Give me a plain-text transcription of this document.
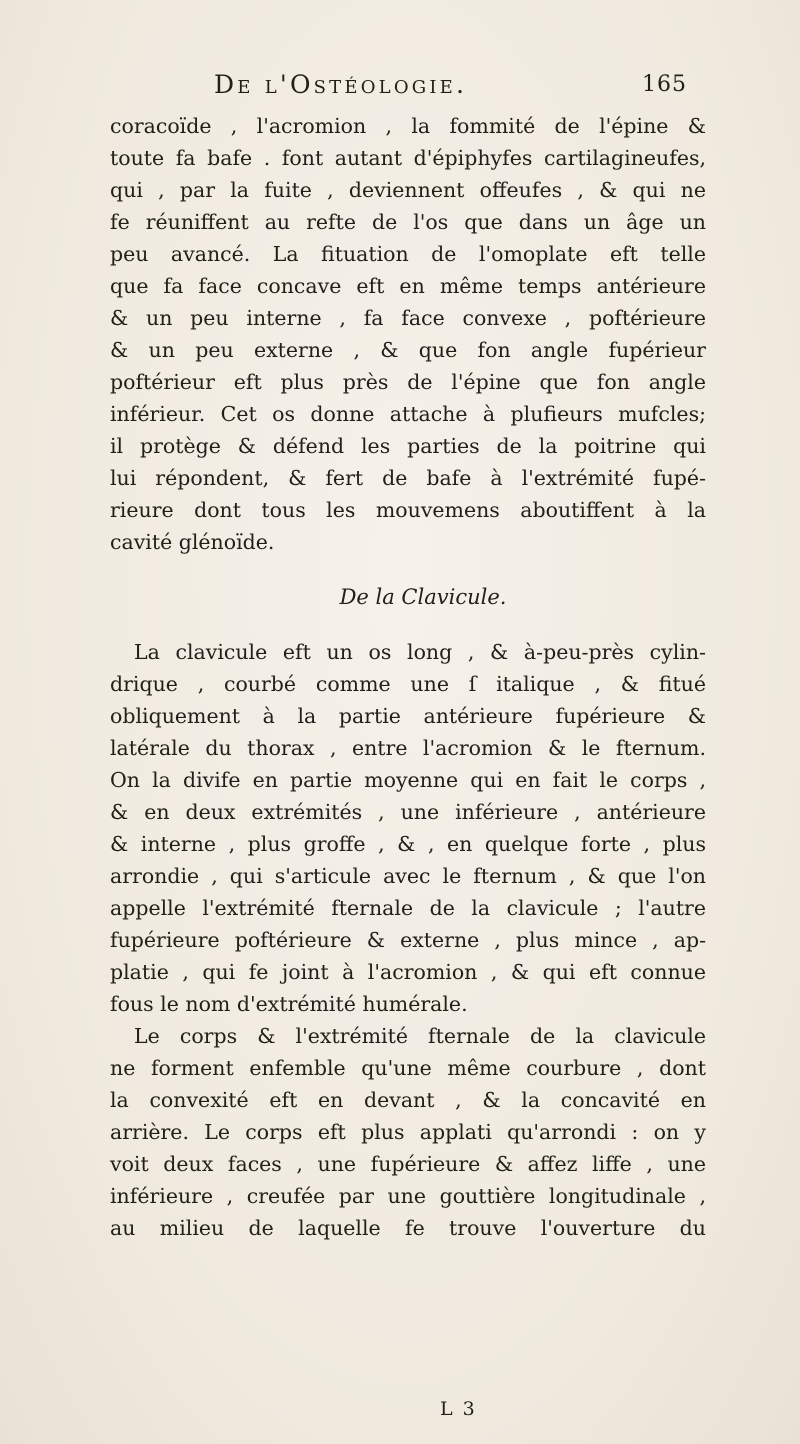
De l'Ostéologie.	165
coracoïde , l'acromion , la fommité de l'épine &
toute fa bafe . font autant d'épiphyfes cartilagineufes,
qui , par la fuite , deviennent offeufes , & qui ne
fe réuniffent au refte de l'os que dans un âge un
peu avancé. La fituation de l'omoplate eft telle
que fa face concave eft en même temps antérieure
& un peu interne , fa face convexe , poftérieure
& un peu externe , & que fon angle fupérieur
poftérieur eft plus près de l'épine que fon angle
inférieur. Cet os donne attache à plufieurs mufcles;
il protège & défend les parties de la poitrine qui
lui répondent, & fert de bafe à l'extrémité fupé-
rieure dont tous les mouvemens aboutiffent à la
cavité glénoïde.
De la Clavicule.
La clavicule eft un os long , & à-peu-près cylin-
drique , courbé comme une ſ italique , & fitué
obliquement à la partie antérieure fupérieure &
latérale du thorax , entre l'acromion & le fternum.
On la divife en partie moyenne qui en fait le corps ,
& en deux extrémités , une inférieure , antérieure
& interne , plus groffe , & , en quelque forte , plus
arrondie , qui s'articule avec le fternum , & que l'on
appelle l'extrémité fternale de la clavicule ; l'autre
fupérieure poftérieure & externe , plus mince , ap-
platie , qui fe joint à l'acromion , & qui eft connue
fous le nom d'extrémité humérale.
Le corps & l'extrémité fternale de la clavicule
ne forment enfemble qu'une même courbure , dont
la convexité eft en devant , & la concavité en
arrière. Le corps eft plus applati qu'arrondi : on y
voit deux faces , une fupérieure & affez liffe , une
inférieure , creufée par une gouttière longitudinale ,
au milieu de laquelle fe trouve l'ouverture du
L 3
